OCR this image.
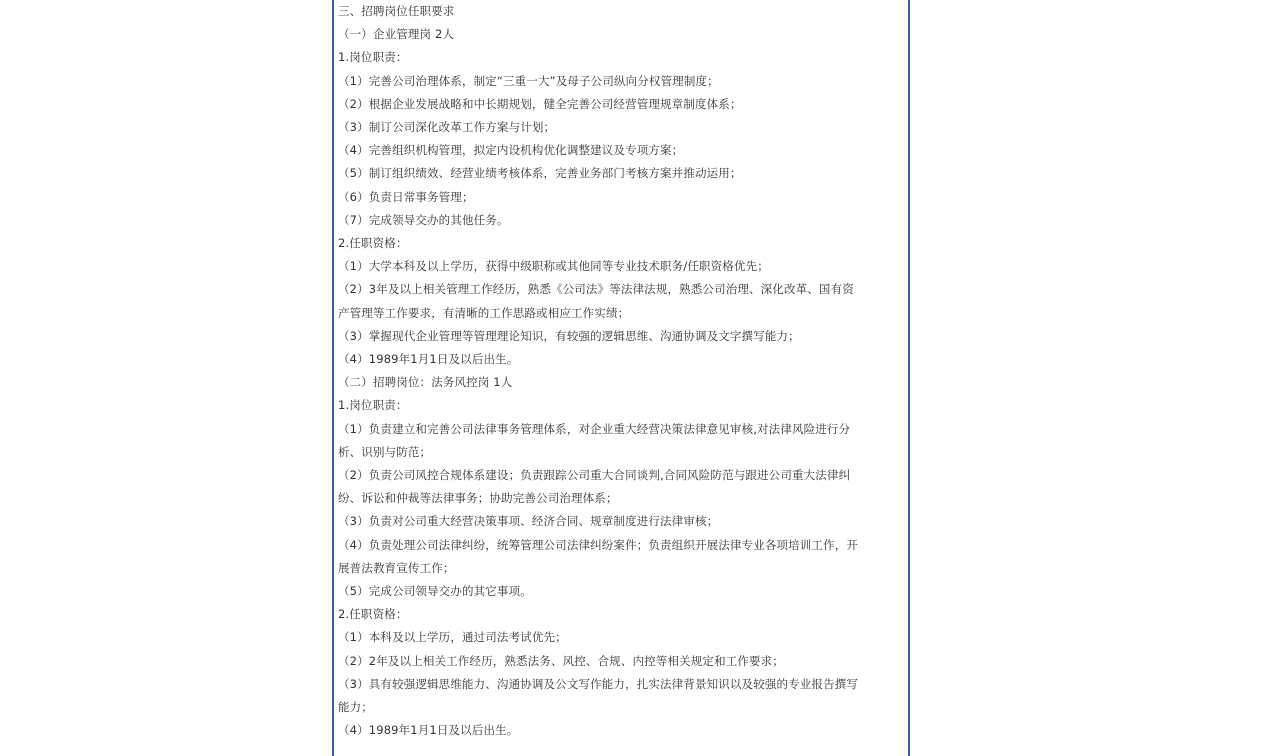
三、招聘岗位任职要求
（一）企业管理岗 2人
1.岗位职责：
（1）完善公司治理体系，制定“三重一大”及母子公司纵向分权管理制度；
（2）根据企业发展战略和中长期规划，健全完善公司经营管理规章制度体系；
（3）制订公司深化改革工作方案与计划；
（4）完善组织机构管理，拟定内设机构优化调整建议及专项方案；
（5）制订组织绩效、经营业绩考核体系，完善业务部门考核方案并推动运用；
（6）负责日常事务管理；
（7）完成领导交办的其他任务。
2.任职资格：
（1）大学本科及以上学历，获得中级职称或其他同等专业技术职务/任职资格优先；
（2）3年及以上相关管理工作经历，熟悉《公司法》等法律法规，熟悉公司治理、深化改革、国有资
产管理等工作要求，有清晰的工作思路或相应工作实绩；
（3）掌握现代企业管理等管理理论知识，有较强的逻辑思维、沟通协调及文字撰写能力；
（4）1989年1月1日及以后出生。
（二）招聘岗位：法务风控岗 1人
1.岗位职责：
（1）负责建立和完善公司法律事务管理体系，对企业重大经营决策法律意见审核,对法律风险进行分
析、识别与防范；
（2）负责公司风控合规体系建设；负责跟踪公司重大合同谈判,合同风险防范与跟进公司重大法律纠
纷、诉讼和仲裁等法律事务；协助完善公司治理体系；
（3）负责对公司重大经营决策事项、经济合同、规章制度进行法律审核；
（4）负责处理公司法律纠纷，统筹管理公司法律纠纷案件；负责组织开展法律专业各项培训工作，开
展普法教育宣传工作；
（5）完成公司领导交办的其它事项。
2.任职资格：
（1）本科及以上学历，通过司法考试优先；
（2）2年及以上相关工作经历，熟悉法务、风控、合规、内控等相关规定和工作要求；
（3）具有较强逻辑思维能力、沟通协调及公文写作能力，扎实法律背景知识以及较强的专业报告撰写
能力；
（4）1989年1月1日及以后出生。
